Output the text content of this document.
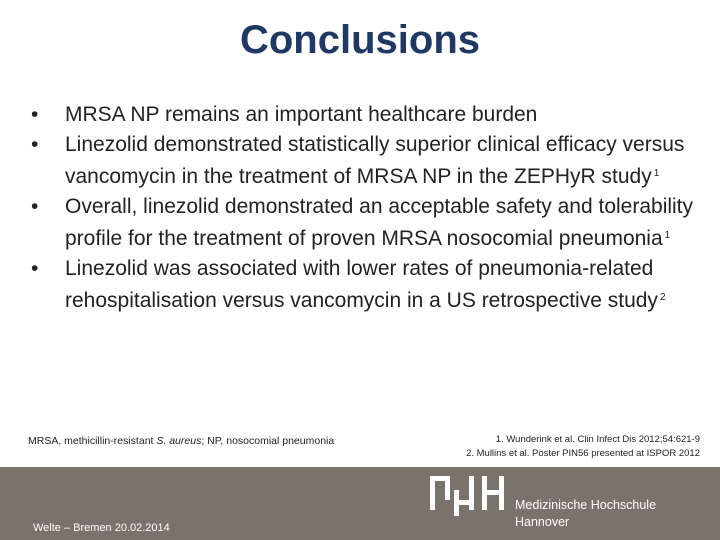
Conclusions
• MRSA NP remains an important healthcare burden
• Linezolid demonstrated statistically superior clinical efficacy versus vancomycin in the treatment of MRSA NP in the ZEPHyR study $^1$
• Overall, linezolid demonstrated an acceptable safety and tolerability profile for the treatment of proven MRSA nosocomial pneumonia $^1$
• Linezolid was associated with lower rates of pneumonia-related rehospitalisation versus vancomycin in a US retrospective study $^2$
MRSA, methicillin-resistant S. aureus; NP, nosocomial pneumonia	1. Wunderink et al. Clin Infect Dis 2012;54:621-9
2. Mullins et al. Poster PIN56 presented at ISPOR 2012
Welte – Bremen 20.02.2014
Medizinische Hochschule
Hannover
